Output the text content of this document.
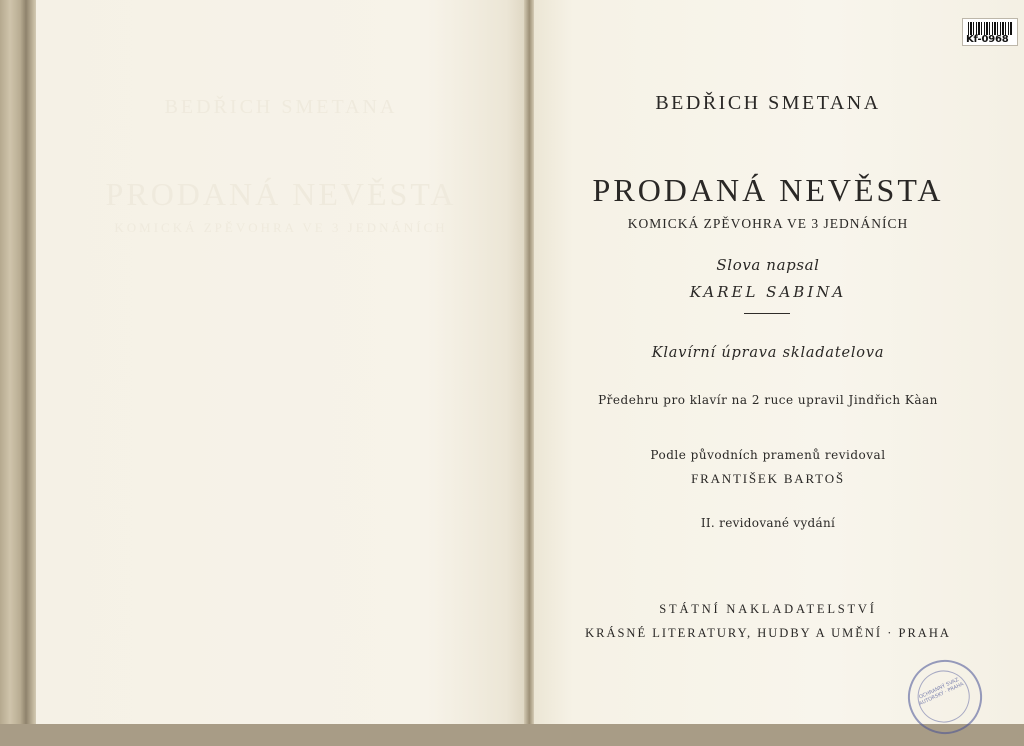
BEDŘICH SMETANA
PRODANÁ NEVĚSTA
KOMICKÁ ZPĚVOHRA VE 3 JEDNÁNÍCH
BEDŘICH SMETANA
PRODANÁ NEVĚSTA
KOMICKÁ ZPĚVOHRA VE 3 JEDNÁNÍCH
Slova napsal
KAREL SABINA
Klavírní úprava skladatelova
Předehru pro klavír na 2 ruce upravil Jindřich Kàan
Podle původních pramenů revidoval
FRANTIŠEK BARTOŠ
II. revidované vydání
STÁTNÍ NAKLADATELSTVÍ
KRÁSNÉ LITERATURY, HUDBY A UMĚNÍ · PRAHA
Kf-0968
OCHRANNÝ SVAZ AUTORSKÝ · PRAHA
